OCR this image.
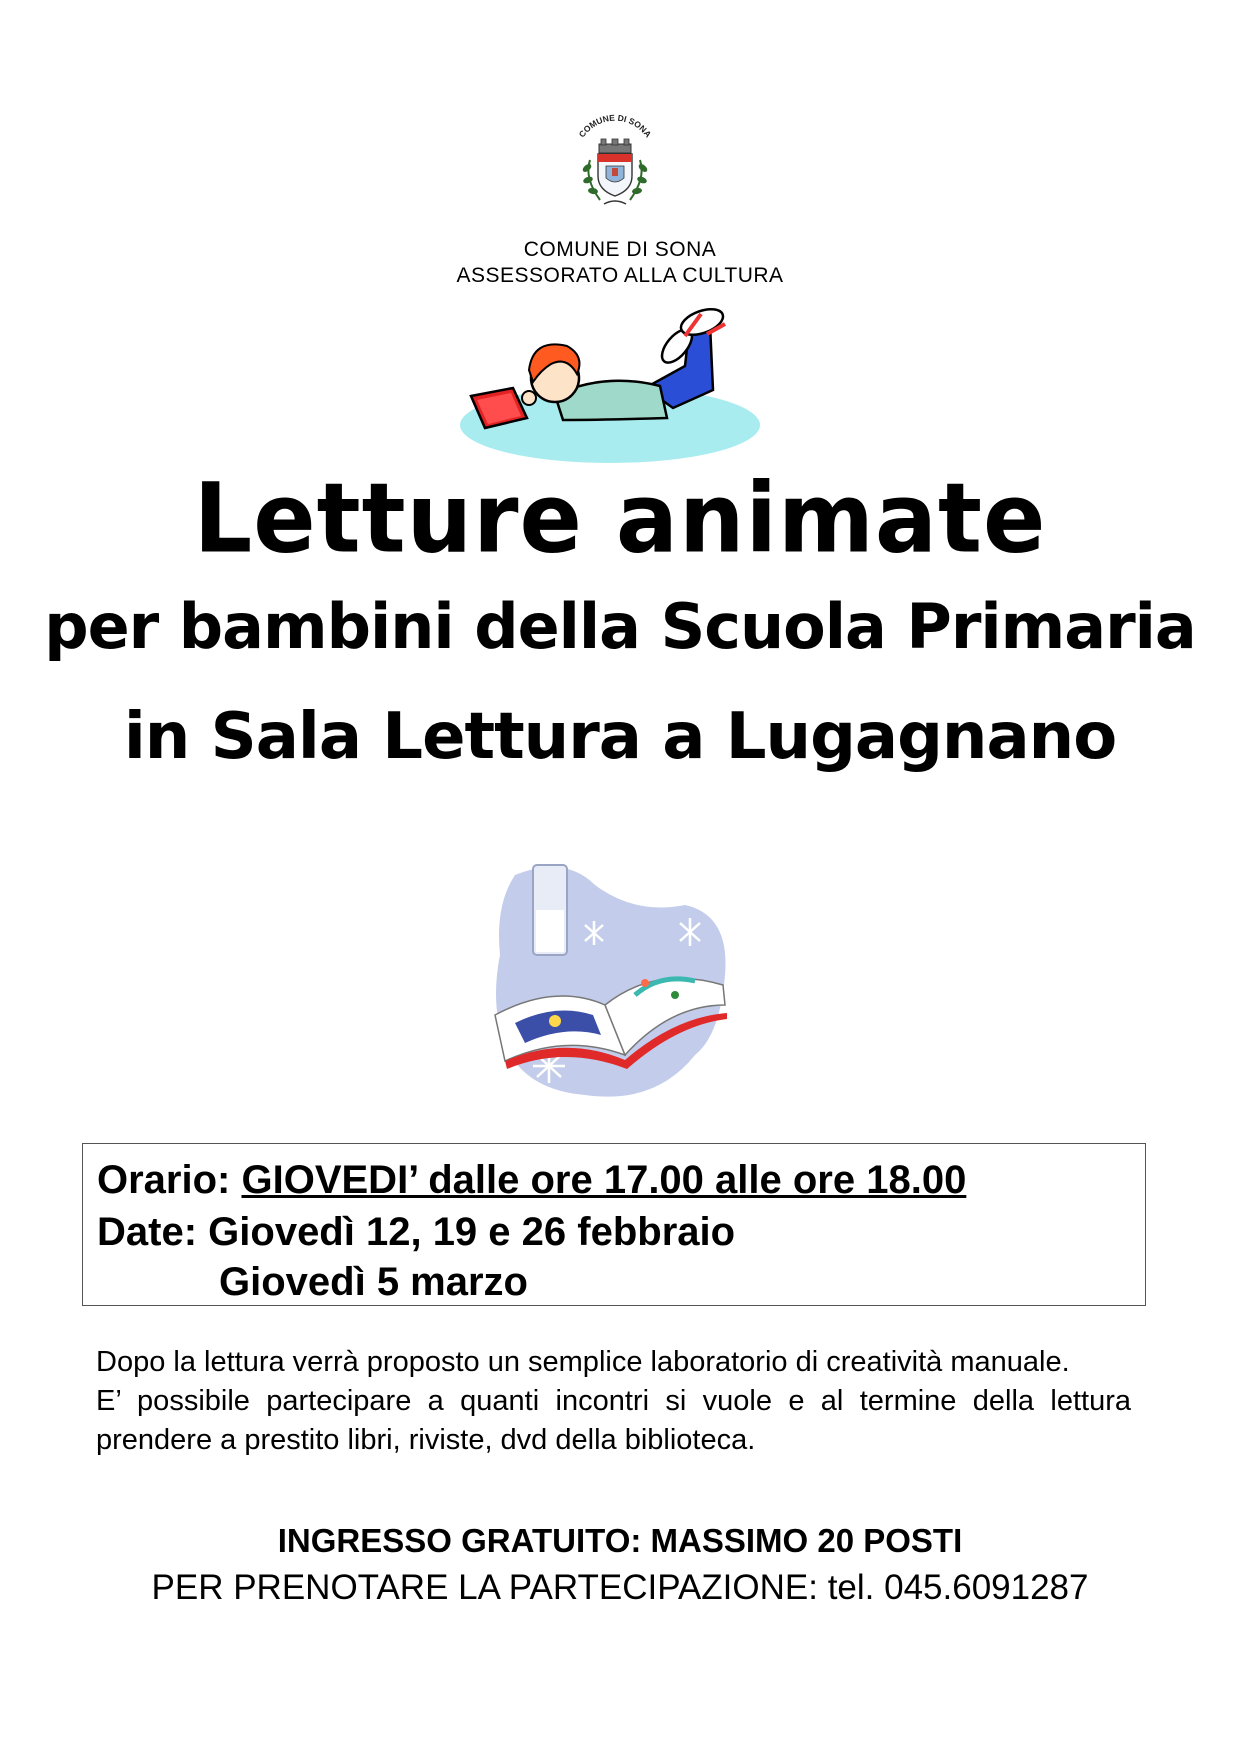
COMUNE DI SONA
COMUNE DI SONA
ASSESSORATO ALLA CULTURA
Letture animate
per bambini della Scuola Primaria
in Sala Lettura a Lugagnano
Orario: GIOVEDI’ dalle ore 17.00 alle ore 18.00
Date: Giovedì 12, 19 e 26 febbraio
Giovedì 5 marzo

Dopo la lettura verrà proposto un semplice laboratorio di creatività manuale.

E’ possibile partecipare a quanti incontri si vuole e al termine della lettura prendere a prestito libri, riviste, dvd della biblioteca.

INGRESSO GRATUITO: MASSIMO 20 POSTI
PER PRENOTARE LA PARTECIPAZIONE: tel. 045.6091287
